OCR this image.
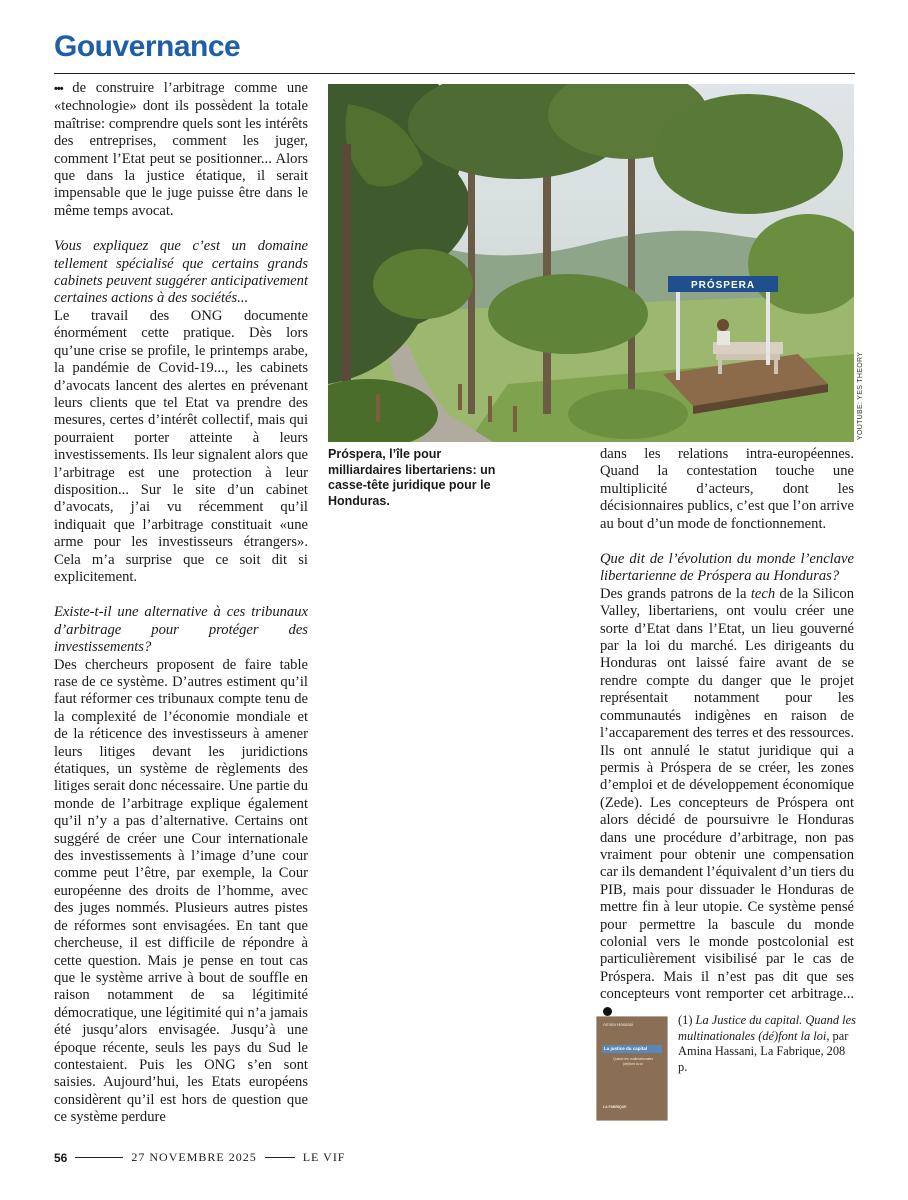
Gouvernance

••• de construire l’arbitrage comme une «technologie» dont ils possèdent la totale maîtrise: comprendre quels sont les intérêts des entreprises, comment les juger, comment l’Etat peut se positionner... Alors que dans la justice étatique, il serait impensable que le juge puisse être dans le même temps avocat.

Vous expliquez que c’est un domaine tellement spécialisé que certains grands cabinets peuvent suggérer anticipativement certaines actions à des sociétés...

Le travail des ONG documente énormément cette pratique. Dès lors qu’une crise se profile, le printemps arabe, la pandémie de Covid-19..., les cabinets d’avocats lancent des alertes en prévenant leurs clients que tel Etat va prendre des mesures, certes d’intérêt collectif, mais qui pourraient porter atteinte à leurs investissements. Ils leur signalent alors que l’arbitrage est une protection à leur disposition... Sur le site d’un cabinet d’avocats, j’ai vu récemment qu’il indiquait que l’arbitrage constituait «une arme pour les investisseurs étrangers». Cela m’a surprise que ce soit dit si explicitement.

Existe-t-il une alternative à ces tribunaux d’arbitrage pour protéger des investissements?

Des chercheurs proposent de faire table rase de ce système. D’autres estiment qu’il faut réformer ces tribunaux compte tenu de la complexité de l’économie mondiale et de la réticence des investisseurs à amener leurs litiges devant les juridictions étatiques, un système de règlements des litiges serait donc nécessaire. Une partie du monde de l’arbitrage explique également qu’il n’y a pas d’alternative. Certains ont suggéré de créer une Cour internationale des investissements à l’image d’une cour comme peut l’être, par exemple, la Cour européenne des droits de l’homme, avec des juges nommés. Plusieurs autres pistes de réformes sont envisagées. En tant que chercheuse, il est difficile de répondre à cette question. Mais je pense en tout cas que le système arrive à bout de souffle en raison notamment de sa légitimité démocratique, une légitimité qui n’a jamais été jusqu’alors envisagée. Jusqu’à une époque récente, seuls les pays du Sud le contestaient. Puis les ONG s’en sont saisies. Aujourd’hui, les Etats européens considèrent qu’il est hors de question que ce système perdure

PRÓSPERA
YOUTUBE: YES THEORY

Próspera, l’île pour milliardaires libertariens: un casse-tête juridique pour le Honduras.

dans les relations intra-européennes. Quand la contestation touche une multiplicité d’acteurs, dont les décisionnaires publics, c’est que l’on arrive au bout d’un mode de fonctionnement.

Que dit de l’évolution du monde l’enclave libertarienne de Próspera au Honduras?

Des grands patrons de la tech de la Silicon Valley, libertariens, ont voulu créer une sorte d’Etat dans l’Etat, un lieu gouverné par la loi du marché. Les dirigeants du Honduras ont laissé faire avant de se rendre compte du danger que le projet représentait notamment pour les communautés indigènes en raison de l’accaparement des terres et des ressources. Ils ont annulé le statut juridique qui a permis à Próspera de se créer, les zones d’emploi et de développement économique (Zede). Les concepteurs de Próspera ont alors décidé de poursuivre le Honduras dans une procédure d’arbitrage, non pas vraiment pour obtenir une compensation car ils demandent l’équivalent d’un tiers du PIB, mais pour dissuader le Honduras de mettre fin à leur utopie. Ce système pensé pour permettre la bascule du monde colonial vers le monde postcolonial est particulièrement visibilisé par le cas de Próspera. Mais il n’est pas dit que ses concepteurs vont remporter cet arbitrage...

Amina Hassani
La justice du capital
Quand les multinationales (dé)font la loi
LA FABRIQUE

(1) La Justice du capital. Quand les multinationales (dé)font la loi, par Amina Hassani, La Fabrique, 208 p.

56	27 NOVEMBRE 2025	LE VIF
